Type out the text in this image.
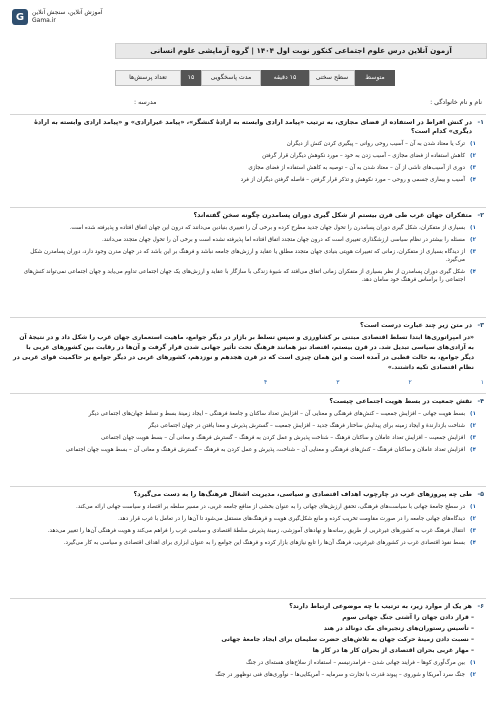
G	آموزش آنلاین، سنجش آنلاین
Gama.ir
آزمون آنلاین درس علوم اجتماعی کنکور نوبت اول ۱۴۰۴ | گروه آزمایشی علوم انسانی
تعداد پرسش‌ها	۱۵	مدت پاسخگویی	۱۵ دقیقه	سطح سختی	متوسط
نام و نام خانوادگی :
مدرسه :
۱-
در کنش افراط در استفاده از فضای مجازی، به ترتیب «پیامد ارادی وابسته به ارادهٔ کنشگر»، «پیامد غیرارادی» و «پیامد ارادی وابسته به ارادهٔ دیگری» کدام است؟
۱)
ترک یا معتاد شدن به آن – آسیب روحی روانی – پیگیری کردن کنش از دیگران
۲)
کاهش استفاده از فضای مجازی – آسیب زدن به خود – مورد نکوهش دیگران قرار گرفتن
۳)
دوری از آسیب‌های ناشی از آن – معتاد شدن به آن – توصیه به کاهش استفاده از فضای مجازی
۴)
آسیب و بیماری جسمی و روحی – مورد نکوهش و تذکر قرار گرفتن – فاصله گرفتن دیگران از فرد
۲-
متفکران جهان غرب طی قرن بیستم از شکل گیری دوران پسامدرن چگونه سخن گفته‌اند؟
۱)
بسیاری از متفکران، شکل گیری دوران پسامدرن را تحول جهان جدید مطرح کرده و برخی آن را تغییری بنیادین می‌دانند که درون این جهان اتفاق افتاده و پذیرفته شده است.
۲)
مسئله را بیشتر در نظام سیاسی ارزشگذاری تغییری است که درون جهان متجدد اتفاق افتاده اما پذیرفته نشده است و برخی آن را تحول جهان متجدد می‌دانند.
۳)
از دیدگاه بسیاری از متفکران، زمانی که تغییرات هویتی بنیادی جهان متجدد مطلق یا عقاید و ارزش‌های جامعه نباشد و فرهنگ بر این باشد که در جهان مدرن وجود دارد، دوران پسامدرن شکل می‌گیرد.
۴)
شکل گیری دوران پسامدرن از نظر بسیاری از متفکران زمانی اتفاق می‌افتد که شیوهٔ زندگی با سازگار با عقاید و ارزش‌های یک جهان اجتماعی تداوم می‌یابد و جهان اجتماعی نمی‌تواند کنش‌های اجتماعی را براساس فرهنگ خود سامان دهد.
۳-
در متن زیر چند عبارت درست است؟
«در امپراتوری‌ها ابتدا تسلط اقتصادی مبتنی بر کشاورزی و سپس تسلط بر بازار در دیگر جوامع، ماهیت استعماری جهان غرب را شکل داد و در نتیجهٔ آن به آزادی‌های سیاسی تبدیل شد. در قرن بیستم، اقتصاد نیز همانند فرهنگ تحت تأثیر جهانی شدن قرار گرفت و آن‌ها در رقابت بین کشورهای غربی با دیگر جوامع، به حالت قطبی در آمده است و این همان چیزی است که در قرن هجدهم و نوزدهم، کشورهای غربی در دیگر جوامع بر حاکمیت قوای غربی در نظام اقتصادی تکیه داشتند.»
۴	۳	۲	۱
۴-
نقش جمعیت در بسط هویت اجتماعی چیست؟
۱)
بسط هویت جهانی – افزایش جمعیت – کنش‌های فرهنگی و معنایی آن – افزایش تعداد ساکنان و جامعهٔ فرهنگی – ایجاد زمینهٔ بسط و تسلط جهان‌های اجتماعی دیگر
۲)
شناخت بازدارندهٔ و ایجاد زمینه برای پیدایش ساختار فرهنگ جدید – افزایش جمعیت – گسترش پذیرش و معنا یافتن در جهان اجتماعی دیگر
۳)
افزایش جمعیت – افزایش تعداد عاملان و ساکنان فرهنگ – شناخت پذیرش و عمل کردن به فرهنگ – گسترش فرهنگ و معانی آن – بسط هویت جهان اجتماعی
۴)
افزایش تعداد عاملان و ساکنان فرهنگ – کنش‌های فرهنگی و معنایی آن – شناخت، پذیرش و عمل کردن به فرهنگ – گسترش فرهنگ و معانی آن – بسط هویت جهان اجتماعی
۵-
طی چه پیروزهای غرب در چارچوب اهداف اقتصادی و سیاسی، مدیریت اشغال فرهنگ‌ها را به دست می‌گیرد؟
۱)
در سطح جامعهٔ جهانی با سیاست‌های فرهنگی، تحقق ارزش‌های جهانی را به عنوان بخشی از منافع جامعه غربی، در مسیر سلطه بر اقتصاد و سیاست جهانی ارائه می‌کند.
۲)
دیدگاه‌های جهانی جامعه را در صورت مقاومت تخریب کرده و مانع شکل‌گیری هویت و فرهنگ‌های مستقل می‌شود تا آن‌ها را در تعامل با غرب قرار دهد.
۳)
انتقال فرهنگ غرب به کشورهای غیرغربی از طریق رسانه‌ها و نهادهای آموزشی، زمینهٔ پذیرش سلطهٔ اقتصادی و سیاسی غرب را فراهم می‌کند و هویت فرهنگی آن‌ها را تغییر می‌دهد.
۴)
بسط نفوذ اقتصادی غرب در کشورهای غیرغربی، فرهنگ آن‌ها را تابع نیازهای بازار کرده و فرهنگ این جوامع را به عنوان ابزاری برای اهداف اقتصادی و سیاسی به کار می‌گیرد.
۶-
هر یک از موارد زیر، به ترتیب با چه موضوعی ارتباط دارند؟
– قرار دادن جهان را آشتی جنگ جهانی سوم
– تأسیس رستوران‌های زنجیره‌ای مک دونالد در هند
– نسبت دادن زمینهٔ حرکت جهان به تلاش‌های حضرت سلیمان برای ایجاد جامعهٔ جهانی
– مهار غربی بحران اقتصادی از بحران کار ها در کار ها
۱)
بین مرگ‌آوری کوها – فرایند جهانی شدن – فرامدرنیسم – استفاده از سلاح‌های هسته‌ای در جنگ
۲)
جنگ سرد آمریکا و شوروی – پیوند قدرت با تجارت و سرمایه – آمریکایی‌ها – نوآوری‌های فنی نوظهور در جنگ
